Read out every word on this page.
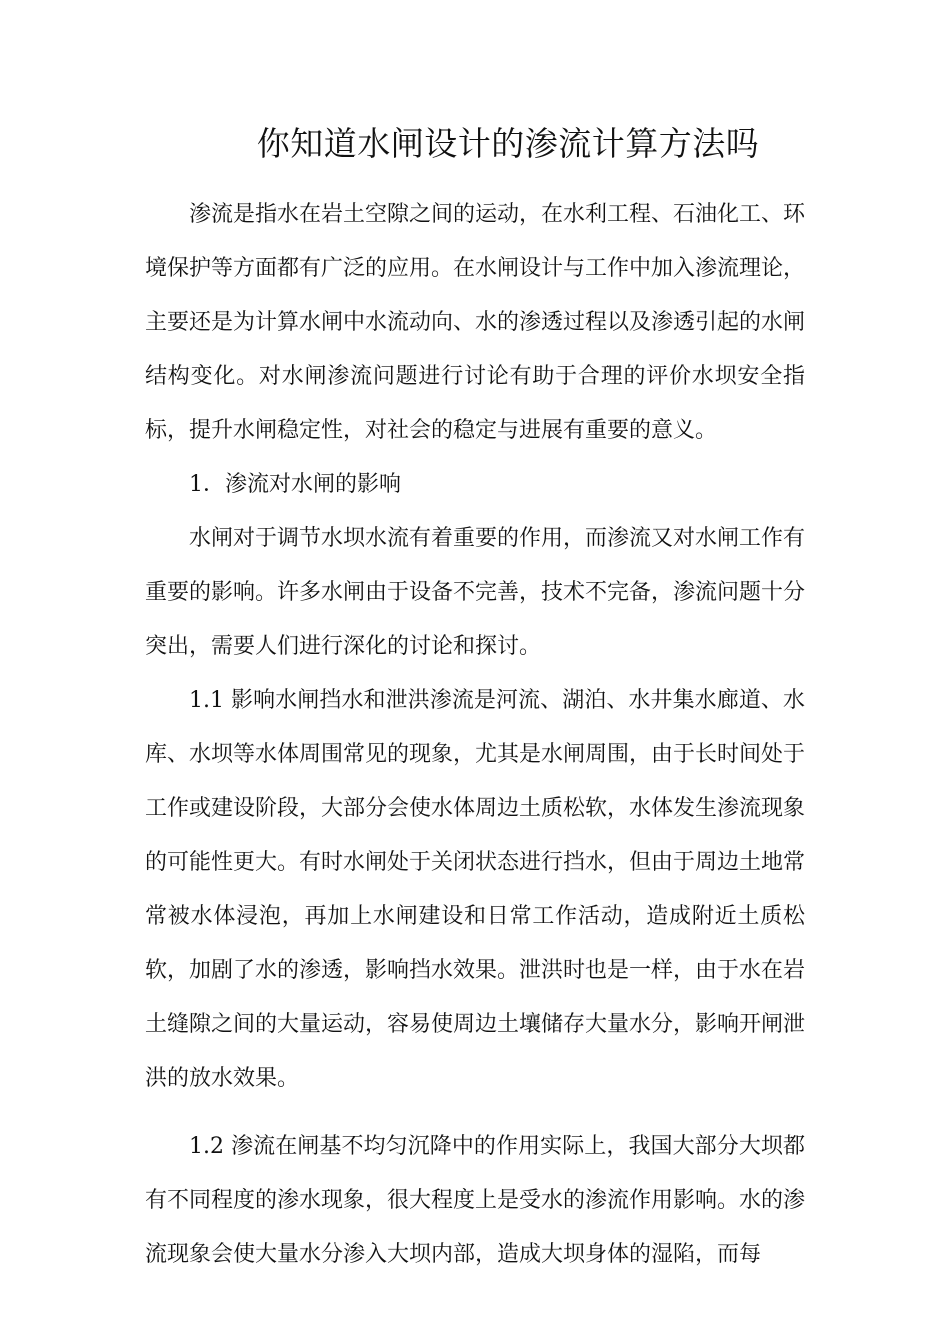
你知道水闸设计的渗流计算方法吗

渗流是指水在岩土空隙之间的运动，在水利工程、石油化工、环境保护等方面都有广泛的应用。在水闸设计与工作中加入渗流理论，主要还是为计算水闸中水流动向、水的渗透过程以及渗透引起的水闸结构变化。对水闸渗流问题进行讨论有助于合理的评价水坝安全指标，提升水闸稳定性，对社会的稳定与进展有重要的意义。

1．渗流对水闸的影响

水闸对于调节水坝水流有着重要的作用，而渗流又对水闸工作有重要的影响。许多水闸由于设备不完善，技术不完备，渗流问题十分突出，需要人们进行深化的讨论和探讨。

1.1 影响水闸挡水和泄洪渗流是河流、湖泊、水井集水廊道、水库、水坝等水体周围常见的现象，尤其是水闸周围，由于长时间处于工作或建设阶段，大部分会使水体周边土质松软，水体发生渗流现象的可能性更大。有时水闸处于关闭状态进行挡水，但由于周边土地常常被水体浸泡，再加上水闸建设和日常工作活动，造成附近土质松软，加剧了水的渗透，影响挡水效果。泄洪时也是一样，由于水在岩土缝隙之间的大量运动，容易使周边土壤储存大量水分，影响开闸泄洪的放水效果。

1.2 渗流在闸基不均匀沉降中的作用实际上，我国大部分大坝都有不同程度的渗水现象，很大程度上是受水的渗流作用影响。水的渗流现象会使大量水分渗入大坝内部，造成大坝身体的湿陷，而每
